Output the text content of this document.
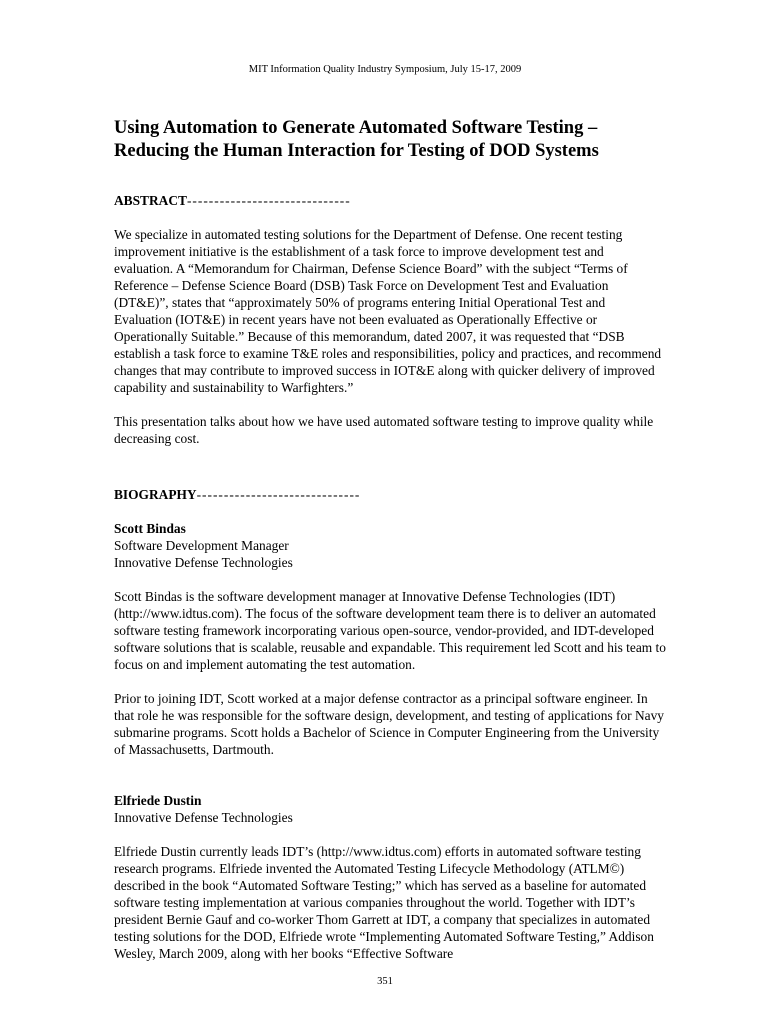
MIT Information Quality Industry Symposium, July 15-17, 2009
Using Automation to Generate Automated Software Testing – Reducing the Human Interaction for Testing of DOD Systems
ABSTRACT------------------------------

We specialize in automated testing solutions for the Department of Defense. One recent testing improvement initiative is the establishment of a task force to improve development test and evaluation. A “Memorandum for Chairman, Defense Science Board” with the subject “Terms of Reference – Defense Science Board (DSB) Task Force on Development Test and Evaluation (DT&E)”, states that “approximately 50% of programs entering Initial Operational Test and Evaluation (IOT&E) in recent years have not been evaluated as Operationally Effective or Operationally Suitable.” Because of this memorandum, dated 2007, it was requested that “DSB establish a task force to examine T&E roles and responsibilities, policy and practices, and recommend changes that may contribute to improved success in IOT&E along with quicker delivery of improved capability and sustainability to Warfighters.”

This presentation talks about how we have used automated software testing to improve quality while decreasing cost.

BIOGRAPHY------------------------------
Scott Bindas
Software Development Manager
Innovative Defense Technologies

Scott Bindas is the software development manager at Innovative Defense Technologies (IDT) (http://www.idtus.com). The focus of the software development team there is to deliver an automated software testing framework incorporating various open-source, vendor-provided, and IDT-developed software solutions that is scalable, reusable and expandable. This requirement led Scott and his team to focus on and implement automating the test automation.

Prior to joining IDT, Scott worked at a major defense contractor as a principal software engineer. In that role he was responsible for the software design, development, and testing of applications for Navy submarine programs. Scott holds a Bachelor of Science in Computer Engineering from the University of Massachusetts, Dartmouth.

Elfriede Dustin
Innovative Defense Technologies

Elfriede Dustin currently leads IDT’s (http://www.idtus.com) efforts in automated software testing research programs. Elfriede invented the Automated Testing Lifecycle Methodology (ATLM©) described in the book “Automated Software Testing;” which has served as a baseline for automated software testing implementation at various companies throughout the world. Together with IDT’s president Bernie Gauf and co-worker Thom Garrett at IDT, a company that specializes in automated testing solutions for the DOD, Elfriede wrote “Implementing Automated Software Testing,” Addison Wesley, March 2009, along with her books “Effective Software

351
